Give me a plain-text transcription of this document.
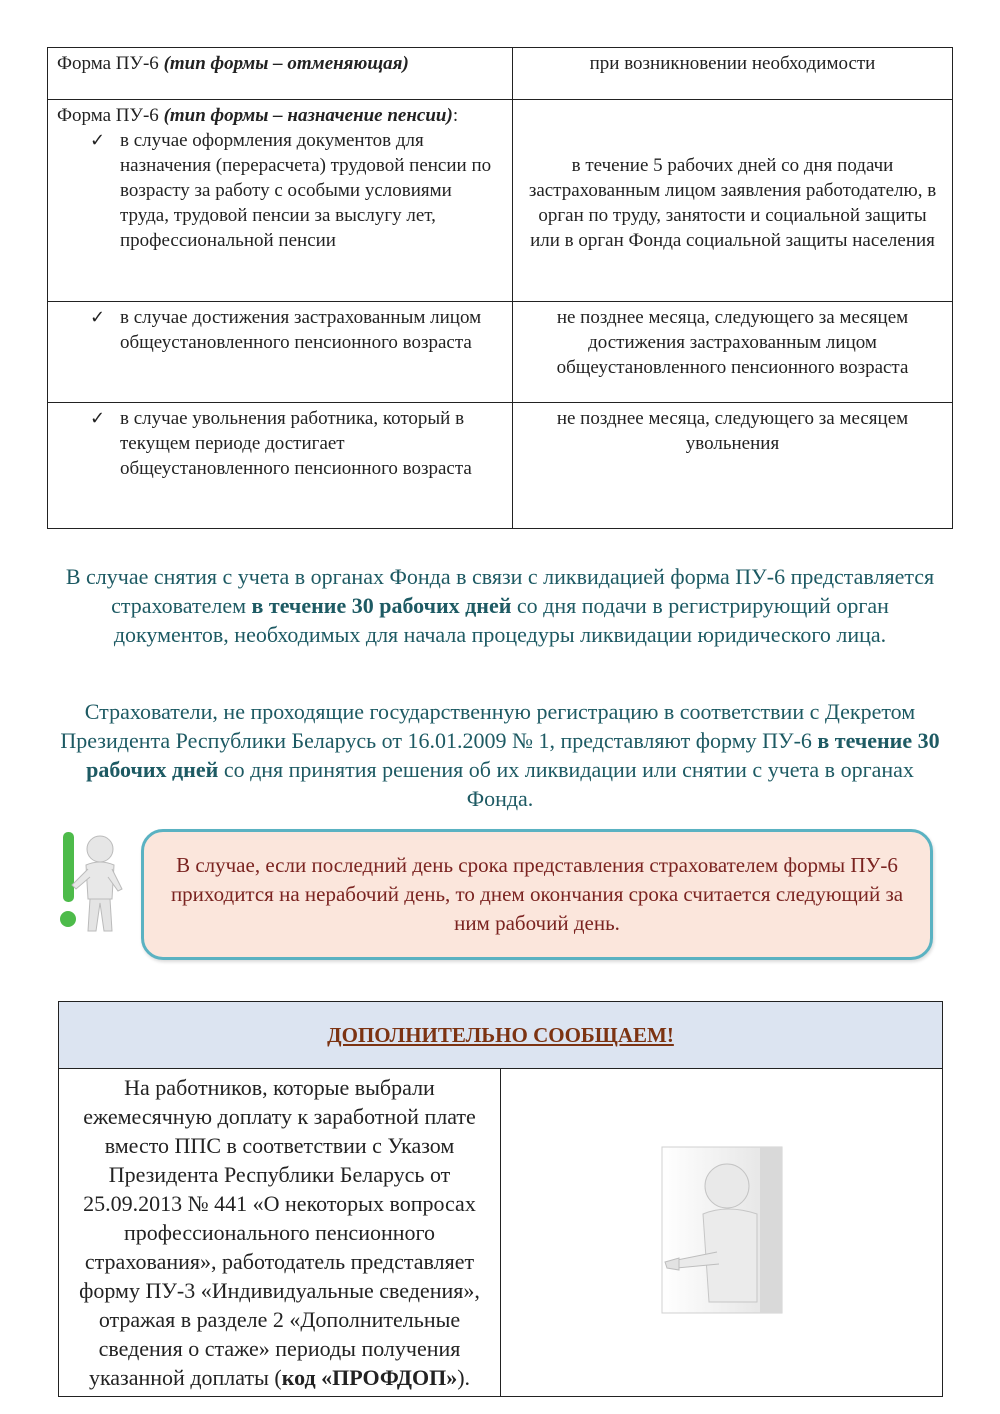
Форма ПУ-6 (тип формы – отменяющая)	при возникновении необходимости

Форма ПУ-6 (тип формы – назначение пенсии):
✓ в случае оформления документов для назначения (перерасчета) трудовой пенсии по возрасту за работу с особыми условиями труда, трудовой пенсии за выслугу лет, профессиональной пенсии	в течение 5 рабочих дней со дня подачи застрахованным лицом заявления работодателю, в орган по труду, занятости и социальной защиты или в орган Фонда социальной защиты населения

✓ в случае достижения застрахованным лицом общеустановленного пенсионного возраста	не позднее месяца, следующего за месяцем достижения застрахованным лицом общеустановленного пенсионного возраста

✓ в случае увольнения работника, который в текущем периоде достигает общеустановленного пенсионного возраста	не позднее месяца, следующего за месяцем увольнения

В случае снятия с учета в органах Фонда в связи с ликвидацией форма ПУ-6 представляется страхователем в течение 30 рабочих дней со дня подачи в регистрирующий орган документов, необходимых для начала процедуры ликвидации юридического лица.

Страхователи, не проходящие государственную регистрацию в соответствии с Декретом Президента Республики Беларусь от 16.01.2009 № 1, представляют форму ПУ-6 в течение 30 рабочих дней со дня принятия решения об их ликвидации или снятии с учета в органах Фонда.

В случае, если последний день срока представления страхователем формы ПУ-6 приходится на нерабочий день, то днем окончания срока считается следующий за ним рабочий день.
ДОПОЛНИТЕЛЬНО СООБЩАЕМ!
На работников, которые выбрали ежемесячную доплату к заработной плате вместо ППС в соответствии с Указом Президента Республики Беларусь от 25.09.2013 № 441 «О некоторых вопросах профессионального пенсионного страхования», работодатель представляет форму ПУ-3 «Индивидуальные сведения», отражая в разделе 2 «Дополнительные сведения о стаже» периоды получения указанной доплаты (код «ПРОФДОП»).	
